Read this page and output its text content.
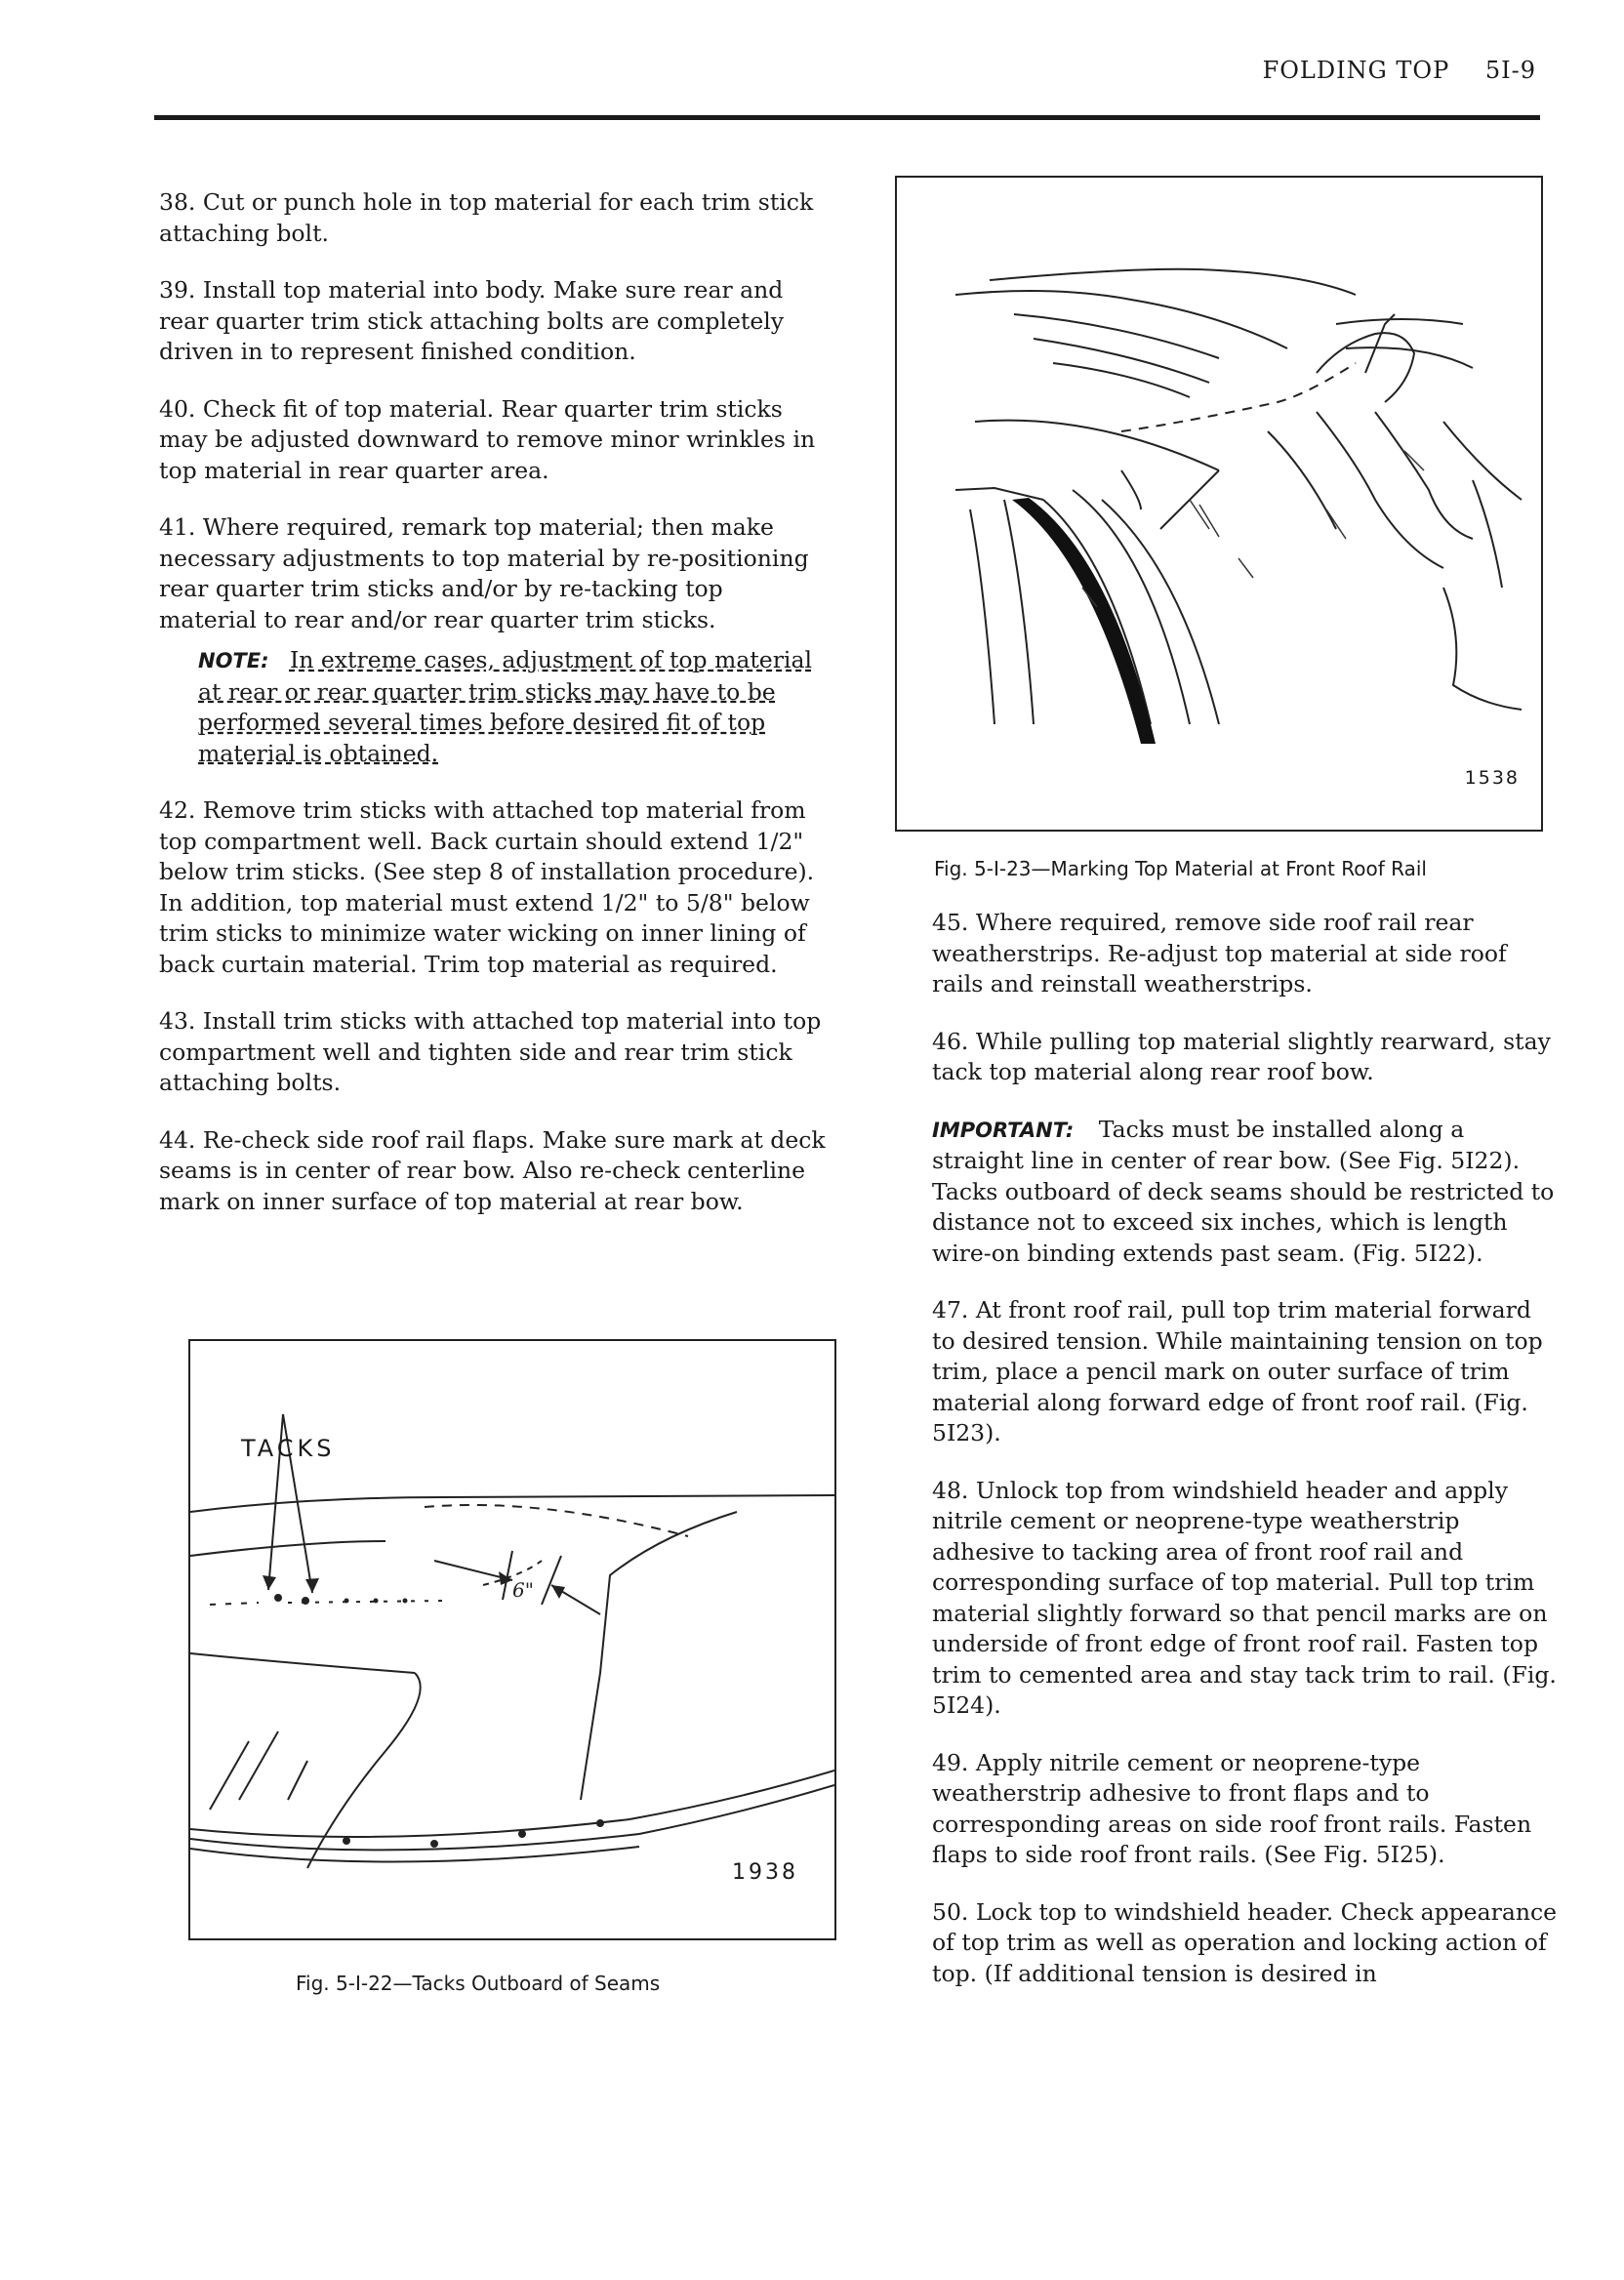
FOLDING TOP 5I-9

38. Cut or punch hole in top material for each trim stick attaching bolt.

39. Install top material into body. Make sure rear and rear quarter trim stick attaching bolts are completely driven in to represent finished condition.

40. Check fit of top material. Rear quarter trim sticks may be adjusted downward to remove minor wrinkles in top material in rear quarter area.

41. Where required, remark top material; then make necessary adjustments to top material by re-positioning rear quarter trim sticks and/or by re-tacking top material to rear and/or rear quarter trim sticks.

NOTE: In extreme cases, adjustment of top material at rear or rear quarter trim sticks may have to be performed several times before desired fit of top material is obtained.

42. Remove trim sticks with attached top material from top compartment well. Back curtain should extend 1/2" below trim sticks. (See step 8 of installation procedure). In addition, top material must extend 1/2" to 5/8" below trim sticks to minimize water wicking on inner lining of back curtain material. Trim top material as required.

43. Install trim sticks with attached top material into top compartment well and tighten side and rear trim stick attaching bolts.

44. Re-check side roof rail flaps. Make sure mark at deck seams is in center of rear bow. Also re-check centerline mark on inner surface of top material at rear bow.

1538
Fig. 5-I-23—Marking Top Material at Front Roof Rail

45. Where required, remove side roof rail rear weatherstrips. Re-adjust top material at side roof rails and reinstall weatherstrips.

46. While pulling top material slightly rearward, stay tack top material along rear roof bow.

IMPORTANT: Tacks must be installed along a straight line in center of rear bow. (See Fig. 5I22). Tacks outboard of deck seams should be restricted to distance not to exceed six inches, which is length wire-on binding extends past seam. (Fig. 5I22).

47. At front roof rail, pull top trim material forward to desired tension. While maintaining tension on top trim, place a pencil mark on outer surface of trim material along forward edge of front roof rail. (Fig. 5I23).

48. Unlock top from windshield header and apply nitrile cement or neoprene-type weatherstrip adhesive to tacking area of front roof rail and corresponding surface of top material. Pull top trim material slightly forward so that pencil marks are on underside of front edge of front roof rail. Fasten top trim to cemented area and stay tack trim to rail. (Fig. 5I24).

49. Apply nitrile cement or neoprene-type weatherstrip adhesive to front flaps and to corresponding areas on side roof front rails. Fasten flaps to side roof front rails. (See Fig. 5I25).

50. Lock top to windshield header. Check appearance of top trim as well as operation and locking action of top. (If additional tension is desired in

6"
TACKS
1938
Fig. 5-I-22—Tacks Outboard of Seams
